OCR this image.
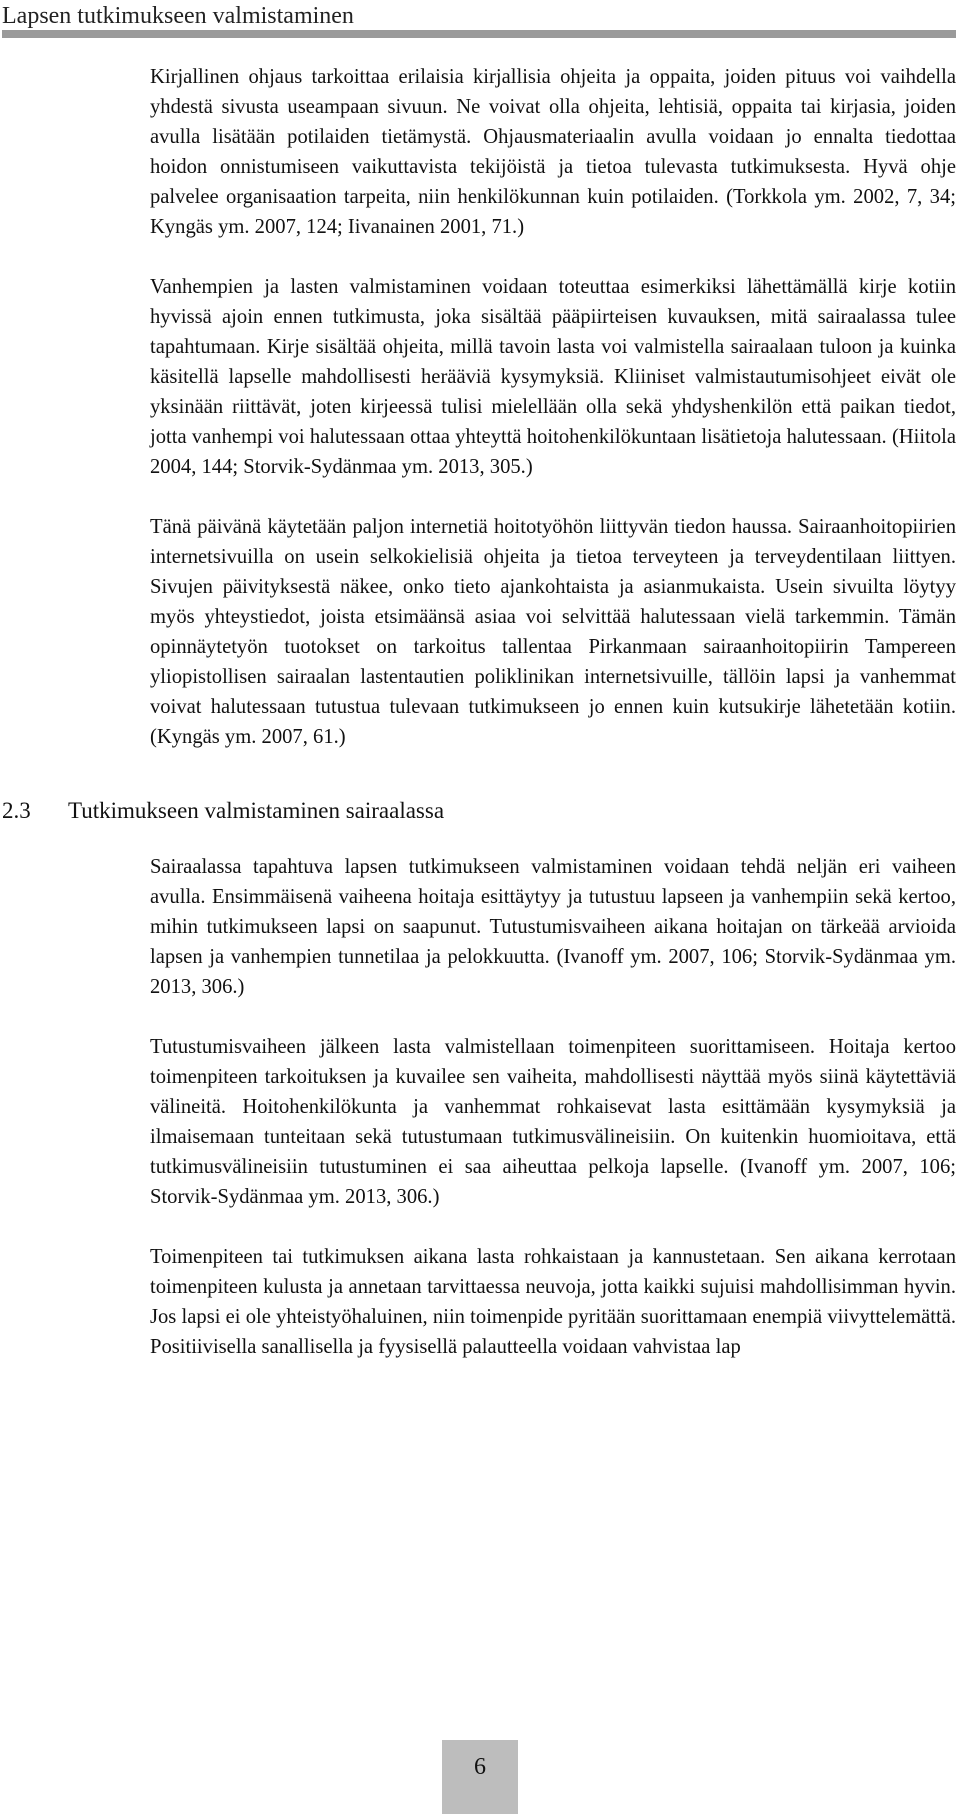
Lapsen tutkimukseen valmistaminen

Kirjallinen ohjaus tarkoittaa erilaisia kirjallisia ohjeita ja oppaita, joiden pituus voi vaihdella yhdestä sivusta useampaan sivuun. Ne voivat olla ohjeita, lehtisiä, oppaita tai kirjasia, joiden avulla lisätään potilaiden tietämystä. Ohjausmateriaalin avulla voidaan jo ennalta tiedottaa hoidon onnistumiseen vaikuttavista tekijöistä ja tietoa tulevasta tutkimuksesta. Hyvä ohje palvelee organisaation tarpeita, niin henkilökunnan kuin potilaiden. (Torkkola ym. 2002, 7, 34; Kyngäs ym. 2007, 124; Iivanainen 2001, 71.)

Vanhempien ja lasten valmistaminen voidaan toteuttaa esimerkiksi lähettämällä kirje kotiin hyvissä ajoin ennen tutkimusta, joka sisältää pääpiirteisen kuvauksen, mitä sairaalassa tulee tapahtumaan. Kirje sisältää ohjeita, millä tavoin lasta voi valmistella sairaalaan tuloon ja kuinka käsitellä lapselle mahdollisesti herääviä kysymyksiä. Kliiniset valmistautumisohjeet eivät ole yksinään riittävät, joten kirjeessä tulisi mielellään olla sekä yhdyshenkilön että paikan tiedot, jotta vanhempi voi halutessaan ottaa yhteyttä hoitohenkilökuntaan lisätietoja halutessaan. (Hiitola 2004, 144; Storvik-Sydänmaa ym. 2013, 305.)

Tänä päivänä käytetään paljon internetiä hoitotyöhön liittyvän tiedon haussa. Sairaanhoitopiirien internetsivuilla on usein selkokielisiä ohjeita ja tietoa terveyteen ja terveydentilaan liittyen. Sivujen päivityksestä näkee, onko tieto ajankohtaista ja asianmukaista. Usein sivuilta löytyy myös yhteystiedot, joista etsimäänsä asiaa voi selvittää halutessaan vielä tarkemmin. Tämän opinnäytetyön tuotokset on tarkoitus tallentaa Pirkanmaan sairaanhoitopiirin Tampereen yliopistollisen sairaalan lastentautien poliklinikan internetsivuille, tällöin lapsi ja vanhemmat voivat halutessaan tutustua tulevaan tutkimukseen jo ennen kuin kutsukirje lähetetään kotiin. (Kyngäs ym. 2007, 61.)

2.3 Tutkimukseen valmistaminen sairaalassa

Sairaalassa tapahtuva lapsen tutkimukseen valmistaminen voidaan tehdä neljän eri vaiheen avulla. Ensimmäisenä vaiheena hoitaja esittäytyy ja tutustuu lapseen ja vanhempiin sekä kertoo, mihin tutkimukseen lapsi on saapunut. Tutustumisvaiheen aikana hoitajan on tärkeää arvioida lapsen ja vanhempien tunnetilaa ja pelokkuutta. (Ivanoff ym. 2007, 106; Storvik-Sydänmaa ym. 2013, 306.)

Tutustumisvaiheen jälkeen lasta valmistellaan toimenpiteen suorittamiseen. Hoitaja kertoo toimenpiteen tarkoituksen ja kuvailee sen vaiheita, mahdollisesti näyttää myös siinä käytettäviä välineitä. Hoitohenkilökunta ja vanhemmat rohkaisevat lasta esittämään kysymyksiä ja ilmaisemaan tunteitaan sekä tutustumaan tutkimusvälineisiin. On kuitenkin huomioitava, että tutkimusvälineisiin tutustuminen ei saa aiheuttaa pelkoja lapselle. (Ivanoff ym. 2007, 106; Storvik-Sydänmaa ym. 2013, 306.)

Toimenpiteen tai tutkimuksen aikana lasta rohkaistaan ja kannustetaan. Sen aikana kerrotaan toimenpiteen kulusta ja annetaan tarvittaessa neuvoja, jotta kaikki sujuisi mahdollisimman hyvin. Jos lapsi ei ole yhteistyöhaluinen, niin toimenpide pyritään suorittamaan enempiä viivyttelemättä. Positiivisella sanallisella ja fyysisellä palautteella voidaan vahvistaa lap

6
